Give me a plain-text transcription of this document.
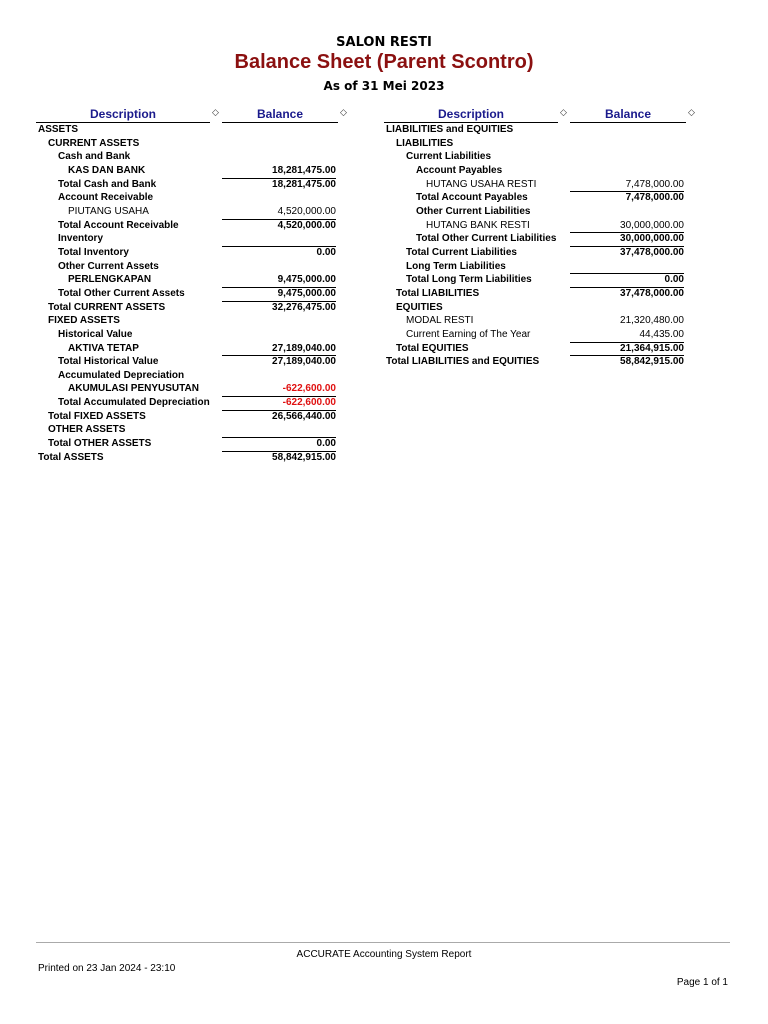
SALON RESTI
Balance Sheet (Parent Scontro)
As of 31 Mei 2023
Description	◇	Balance	◇
ASSETS
CURRENT ASSETS
Cash and Bank
KAS DAN BANK	18,281,475.00
Total Cash and Bank	18,281,475.00
Account Receivable
PIUTANG USAHA	4,520,000.00
Total Account Receivable	4,520,000.00
Inventory
Total Inventory	0.00
Other Current Assets
PERLENGKAPAN	9,475,000.00
Total Other Current Assets	9,475,000.00
Total CURRENT ASSETS	32,276,475.00
FIXED ASSETS
Historical Value
AKTIVA TETAP	27,189,040.00
Total Historical Value	27,189,040.00
Accumulated Depreciation
AKUMULASI PENYUSUTAN	-622,600.00
Total Accumulated Depreciation	-622,600.00
Total FIXED ASSETS	26,566,440.00
OTHER ASSETS
Total OTHER ASSETS	0.00
Total ASSETS	58,842,915.00
Description	◇	Balance	◇
LIABILITIES and EQUITIES
LIABILITIES
Current Liabilities
Account Payables
HUTANG USAHA RESTI	7,478,000.00
Total Account Payables	7,478,000.00
Other Current Liabilities
HUTANG BANK RESTI	30,000,000.00
Total Other Current Liabilities	30,000,000.00
Total Current Liabilities	37,478,000.00
Long Term Liabilities
Total Long Term Liabilities	0.00
Total LIABILITIES	37,478,000.00
EQUITIES
MODAL RESTI	21,320,480.00
Current Earning of The Year	44,435.00
Total EQUITIES	21,364,915.00
Total LIABILITIES and EQUITIES	58,842,915.00
ACCURATE Accounting System Report
Printed on 23 Jan 2024 - 23:10
Page 1 of 1
